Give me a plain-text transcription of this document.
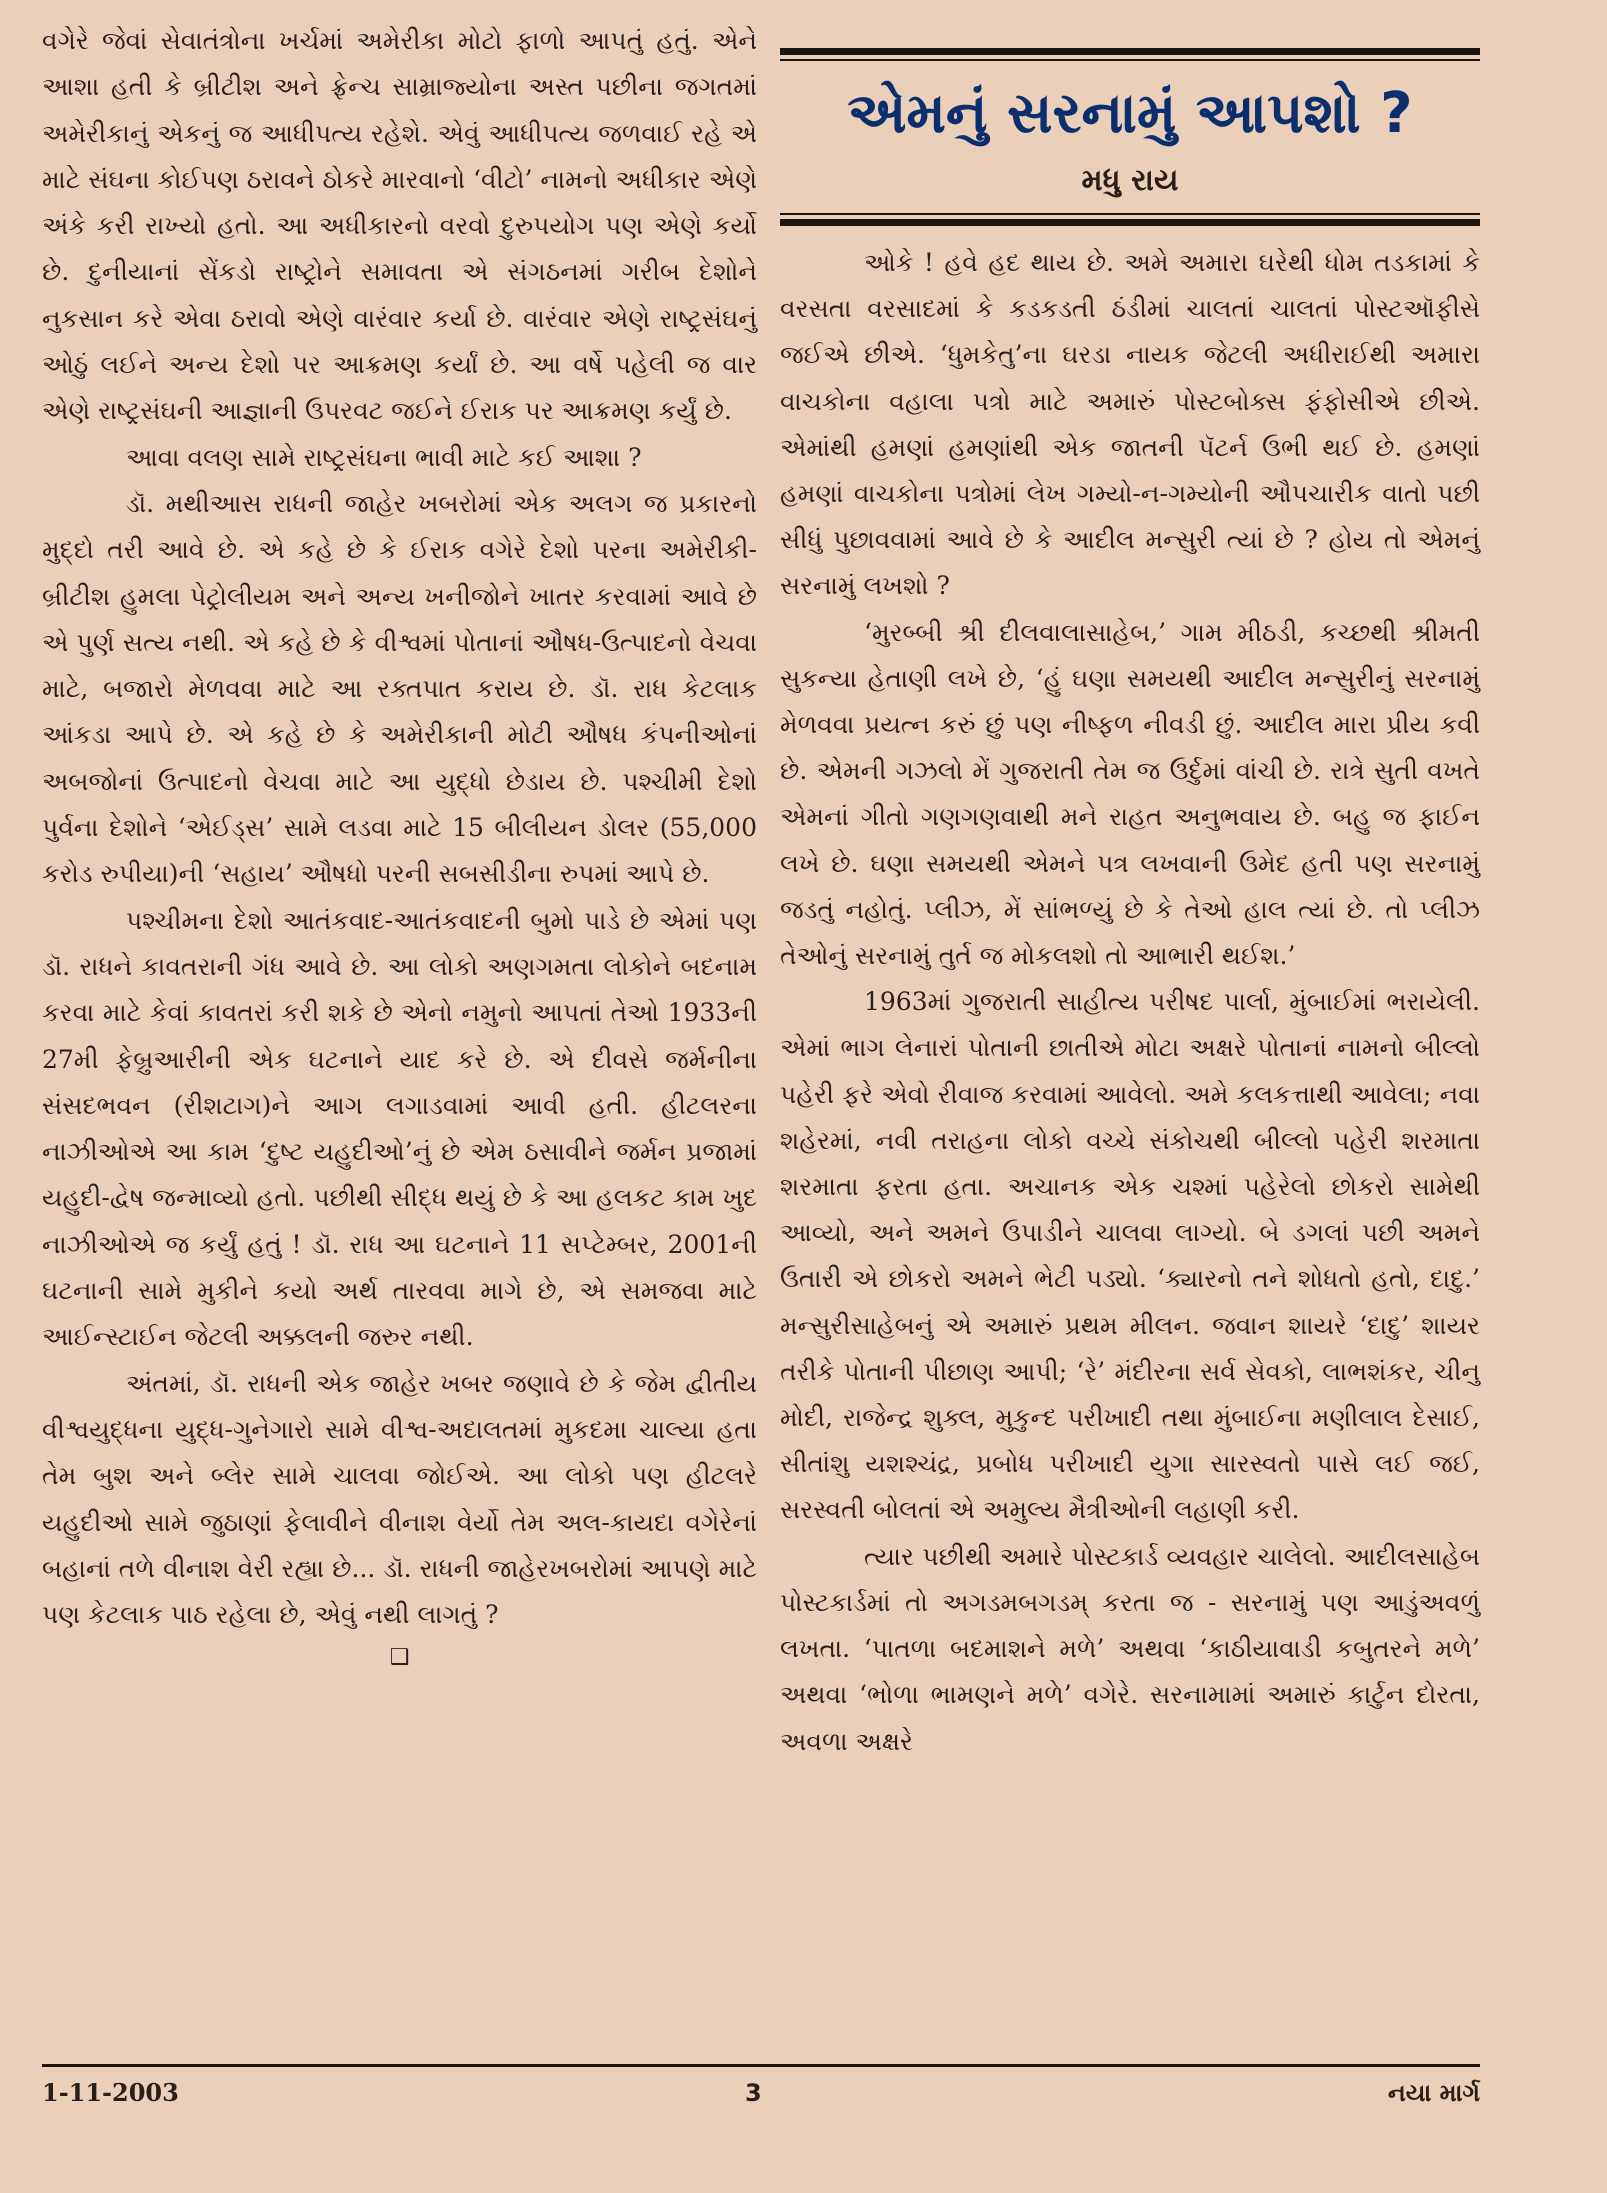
વગેરે જેવાં સેવાતંત્રોના ખર્ચમાં અમેરીકા મોટો ફાળો આપતું હતું. એને આશા હતી કે બ્રીટીશ અને ફ્રેન્ચ સામ્રાજ્યોના અસ્ત પછીના જગતમાં અમેરીકાનું એકનું જ આધીપત્ય રહેશે. એવું આધીપત્ય જળવાઈ રહે એ માટે સંઘના કોઈપણ ઠરાવને ઠોકરે મારવાનો ‘વીટો’ નામનો અધીકાર એણે અંકે કરી રાખ્યો હતો. આ અધીકારનો વરવો દુરુપયોગ પણ એણે કર્યો છે. દુનીયાનાં સેંકડો રાષ્ટ્રોને સમાવતા એ સંગઠનમાં ગરીબ દેશોને નુકસાન કરે એવા ઠરાવો એણે વારંવાર કર્યા છે. વારંવાર એણે રાષ્ટ્રસંઘનું ઓઠું લઈને અન્ય દેશો પર આક્રમણ કર્યાં છે. આ વર્ષે પહેલી જ વાર એણે રાષ્ટ્રસંઘની આજ્ઞાની ઉપરવટ જઈને ઈરાક પર આક્રમણ કર્યું છે.

આવા વલણ સામે રાષ્ટ્રસંઘના ભાવી માટે કઈ આશા ?

ડૉ. મથીઆસ રાધની જાહેર ખબરોમાં એક અલગ જ પ્રકારનો મુદ્દો તરી આવે છે. એ કહે છે કે ઈરાક વગેરે દેશો પરના અમેરીકી-બ્રીટીશ હુમલા પેટ્રોલીયમ અને અન્ય ખનીજોને ખાતર કરવામાં આવે છે એ પુર્ણ સત્ય નથી. એ કહે છે કે વીશ્વમાં પોતાનાં ઔષધ-ઉત્પાદનો વેચવા માટે, બજારો મેળવવા માટે આ રક્તપાત કરાય છે. ડૉ. રાધ કેટલાક આંકડા આપે છે. એ કહે છે કે અમેરીકાની મોટી ઔષધ કંપનીઓનાં અબજોનાં ઉત્પાદનો વેચવા માટે આ યુદ્ધો છેડાય છે. પશ્ચીમી દેશો પુર્વના દેશોને ‘એઈડ્સ’ સામે લડવા માટે 15 બીલીયન ડોલર (55,000 કરોડ રુપીયા)ની ‘સહાય’ ઔષધો પરની સબસીડીના રુપમાં આપે છે.

પશ્ચીમના દેશો આતંકવાદ-આતંકવાદની બુમો પાડે છે એમાં પણ ડૉ. રાધને કાવતરાની ગંધ આવે છે. આ લોકો અણગમતા લોકોને બદનામ કરવા માટે કેવાં કાવતરાં કરી શકે છે એનો નમુનો આપતાં તેઓ 1933ની 27મી ફેબ્રુઆરીની એક ઘટનાને યાદ કરે છે. એ દીવસે જર્મનીના સંસદભવન (રીશટાગ)ને આગ લગાડવામાં આવી હતી. હીટલરના નાઝીઓએ આ કામ ‘દુષ્ટ યહુદીઓ’નું છે એમ ઠસાવીને જર્મન પ્રજામાં યહુદી-દ્વેષ જન્માવ્યો હતો. પછીથી સીદ્ધ થયું છે કે આ હલકટ કામ ખુદ નાઝીઓએ જ કર્યું હતું ! ડૉ. રાધ આ ઘટનાને 11 સપ્ટેમ્બર, 2001ની ઘટનાની સામે મુકીને કયો અર્થ તારવવા માગે છે, એ સમજવા માટે આઈન્સ્ટાઈન જેટલી અક્કલની જરુર નથી.

અંતમાં, ડૉ. રાધની એક જાહેર ખબર જણાવે છે કે જેમ દ્વીતીય વીશ્વયુદ્ધના યુદ્ધ-ગુનેગારો સામે વીશ્વ-અદાલતમાં મુકદમા ચાલ્યા હતા તેમ બુશ અને બ્લેર સામે ચાલવા જોઈએ. આ લોકો પણ હીટલરે યહુદીઓ સામે જુઠાણાં ફેલાવીને વીનાશ વેર્યો તેમ અલ-કાયદા વગેરેનાં બહાનાં તળે વીનાશ વેરી રહ્યા છે... ડૉ. રાધની જાહેરખબરોમાં આપણે માટે પણ કેટલાક પાઠ રહેલા છે, એવું નથી લાગતું ?

❑
એમનું સરનામું આપશો ?
મધુ રાય

ઓકે ! હવે હદ થાય છે. અમે અમારા ઘરેથી ધોમ તડકામાં કે વરસતા વરસાદમાં કે કડકડતી ઠંડીમાં ચાલતાં ચાલતાં પોસ્ટઑફીસે જઈએ છીએ. ‘ધુમકેતુ’ના ઘરડા નાયક જેટલી અધીરાઈથી અમારા વાચકોના વહાલા પત્રો માટે અમારું પોસ્ટબોક્સ ફંફોસીએ છીએ. એમાંથી હમણાં હમણાંથી એક જાતની પૅટર્ન ઉભી થઈ છે. હમણાં હમણાં વાચકોના પત્રોમાં લેખ ગમ્યો-ન-ગમ્યોની ઔપચારીક વાતો પછી સીધું પુછાવવામાં આવે છે કે આદીલ મન્સુરી ત્યાં છે ? હોય તો એમનું સરનામું લખશો ?

‘મુરબ્બી શ્રી દીલવાલાસાહેબ,’ ગામ મીઠડી, કચ્છથી શ્રીમતી સુકન્યા હેતાણી લખે છે, ‘હું ઘણા સમયથી આદીલ મન્સુરીનું સરનામું મેળવવા પ્રયત્ન કરું છું પણ નીષ્ફળ નીવડી છું. આદીલ મારા પ્રીય કવી છે. એમની ગઝલો મેં ગુજરાતી તેમ જ ઉર્દુમાં વાંચી છે. રાત્રે સુતી વખતે એમનાં ગીતો ગણગણવાથી મને રાહત અનુભવાય છે. બહુ જ ફાઈન લખે છે. ઘણા સમયથી એમને પત્ર લખવાની ઉમેદ હતી પણ સરનામું જડતું નહોતું. પ્લીઝ, મેં સાંભળ્યું છે કે તેઓ હાલ ત્યાં છે. તો પ્લીઝ તેઓનું સરનામું તુર્ત જ મોકલશો તો આભારી થઈશ.’

1963માં ગુજરાતી સાહીત્ય પરીષદ પાર્લા, મુંબાઈમાં ભરાયેલી. એમાં ભાગ લેનારાં પોતાની છાતીએ મોટા અક્ષરે પોતાનાં નામનો બીલ્લો પહેરી ફરે એવો રીવાજ કરવામાં આવેલો. અમે કલકત્તાથી આવેલા; નવા શહેરમાં, નવી તરાહના લોકો વચ્ચે સંકોચથી બીલ્લો પહેરી શરમાતા શરમાતા ફરતા હતા. અચાનક એક ચશ્માં પહેરેલો છોકરો સામેથી આવ્યો, અને અમને ઉપાડીને ચાલવા લાગ્યો. બે ડગલાં પછી અમને ઉતારી એ છોકરો અમને ભેટી પડ્યો. ‘ક્યારનો તને શોધતો હતો, દાદુ.’ મન્સુરીસાહેબનું એ અમારું પ્રથમ મીલન. જવાન શાયરે ‘દાદુ’ શાયર તરીકે પોતાની પીછાણ આપી; ‘રે’ મંદીરના સર્વ સેવકો, લાભશંકર, ચીનુ મોદી, રાજેન્દ્ર શુક્લ, મુકુન્દ પરીખાદી તથા મુંબાઈના મણીલાલ દેસાઈ, સીતાંશુ યશશ્ચંદ્ર, પ્રબોધ પરીખાદી યુગા સારસ્વતો પાસે લઈ જઈ, સરસ્વતી બોલતાં એ અમુલ્ય મૈત્રીઓની લહાણી કરી.

ત્યાર પછીથી અમારે પોસ્ટકાર્ડ વ્યવહાર ચાલેલો. આદીલસાહેબ પોસ્ટકાર્ડમાં તો અગડમબગડમ્ કરતા જ - સરનામું પણ આડુંઅવળું લખતા. ‘પાતળા બદમાશને મળે’ અથવા ‘કાઠીયાવાડી કબુતરને મળે’ અથવા ‘ભોળા ભામણને મળે’ વગેરે. સરનામામાં અમારું કાર્ટુન દોરતા, અવળા અક્ષરે

1-11-2003	3	નયા માર્ગ
